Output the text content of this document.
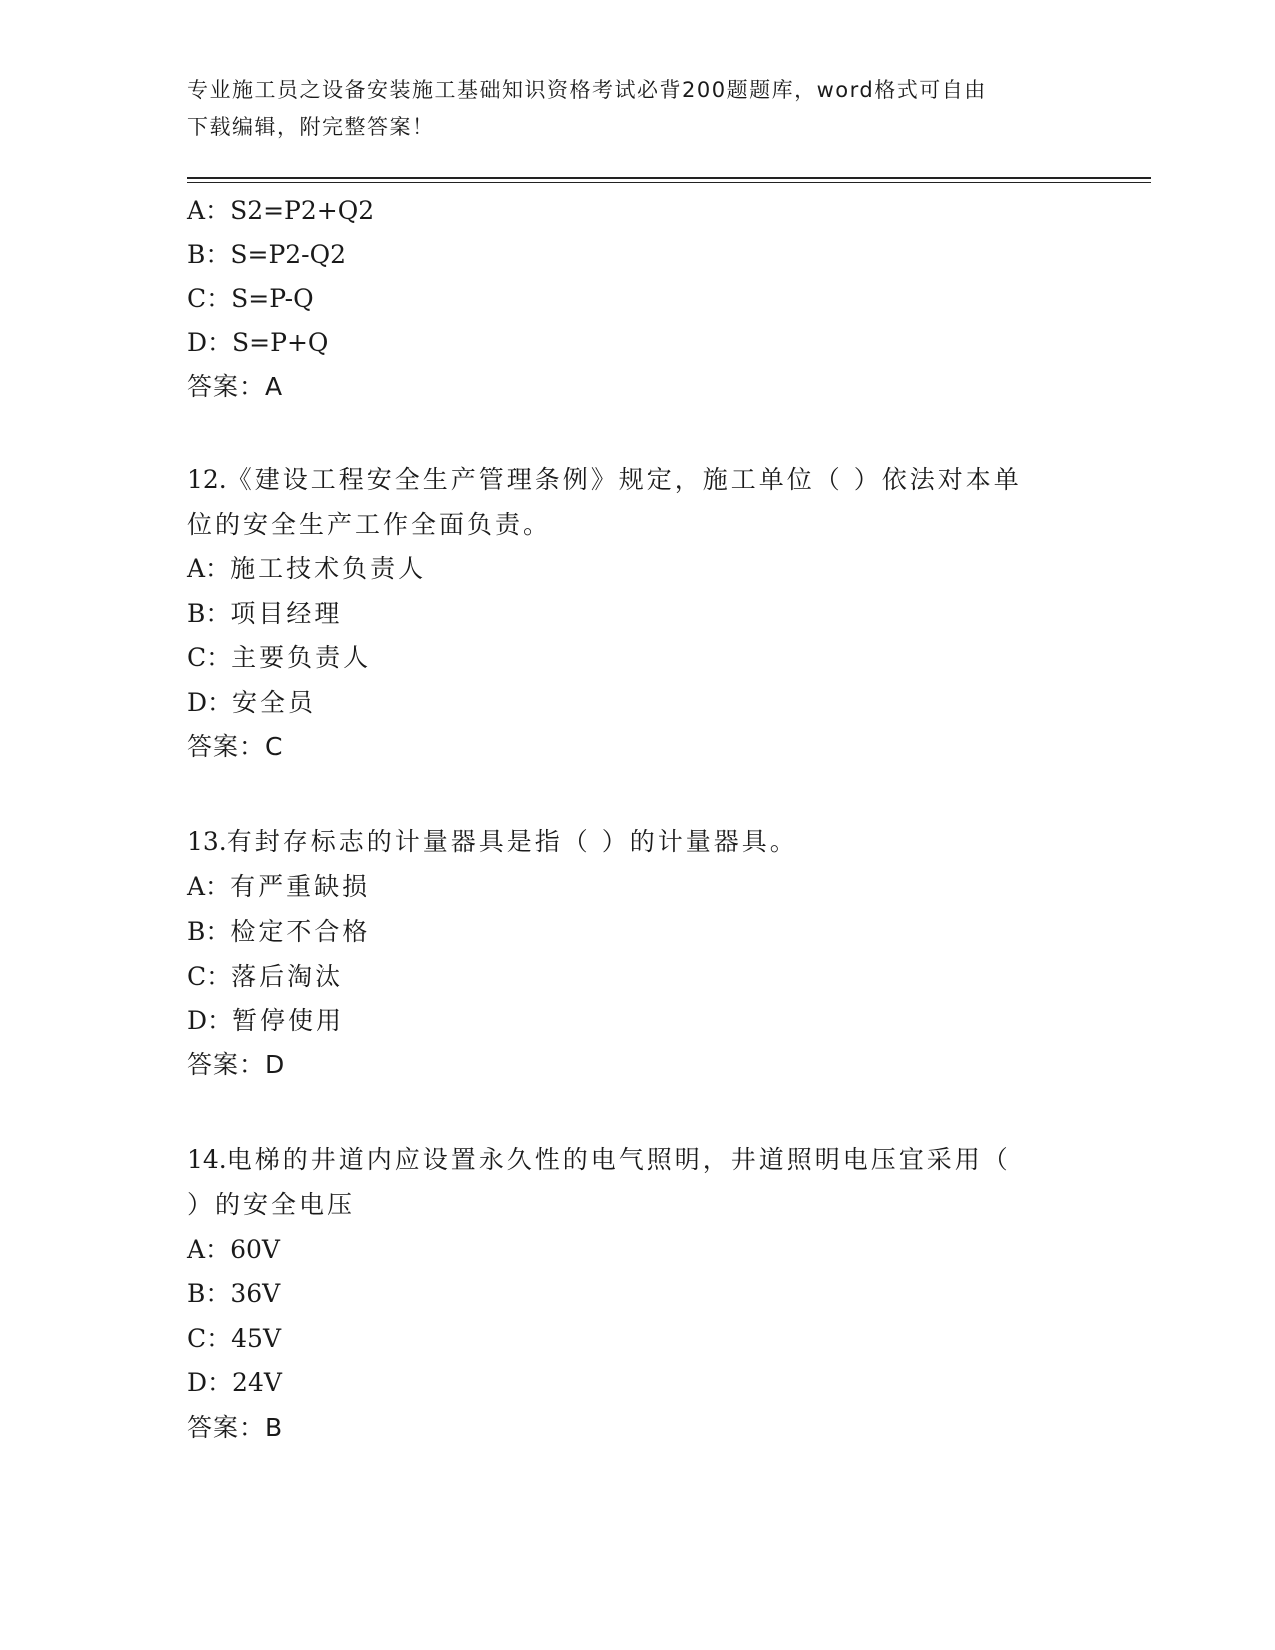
专业施工员之设备安装施工基础知识资格考试必背200题题库，word格式可自由
下载编辑，附完整答案！
A：S2=P2+Q2
B：S=P2-Q2
C：S=P-Q
D：S=P+Q
答案：A
12.《建设工程安全生产管理条例》规定，施工单位（ ）依法对本单
位的安全生产工作全面负责。
A：施工技术负责人
B：项目经理
C：主要负责人
D：安全员
答案：C
13.有封存标志的计量器具是指（ ）的计量器具。
A：有严重缺损
B：检定不合格
C：落后淘汰
D：暂停使用
答案：D
14.电梯的井道内应设置永久性的电气照明，井道照明电压宜采用（
）的安全电压
A：60V
B：36V
C：45V
D：24V
答案：B
